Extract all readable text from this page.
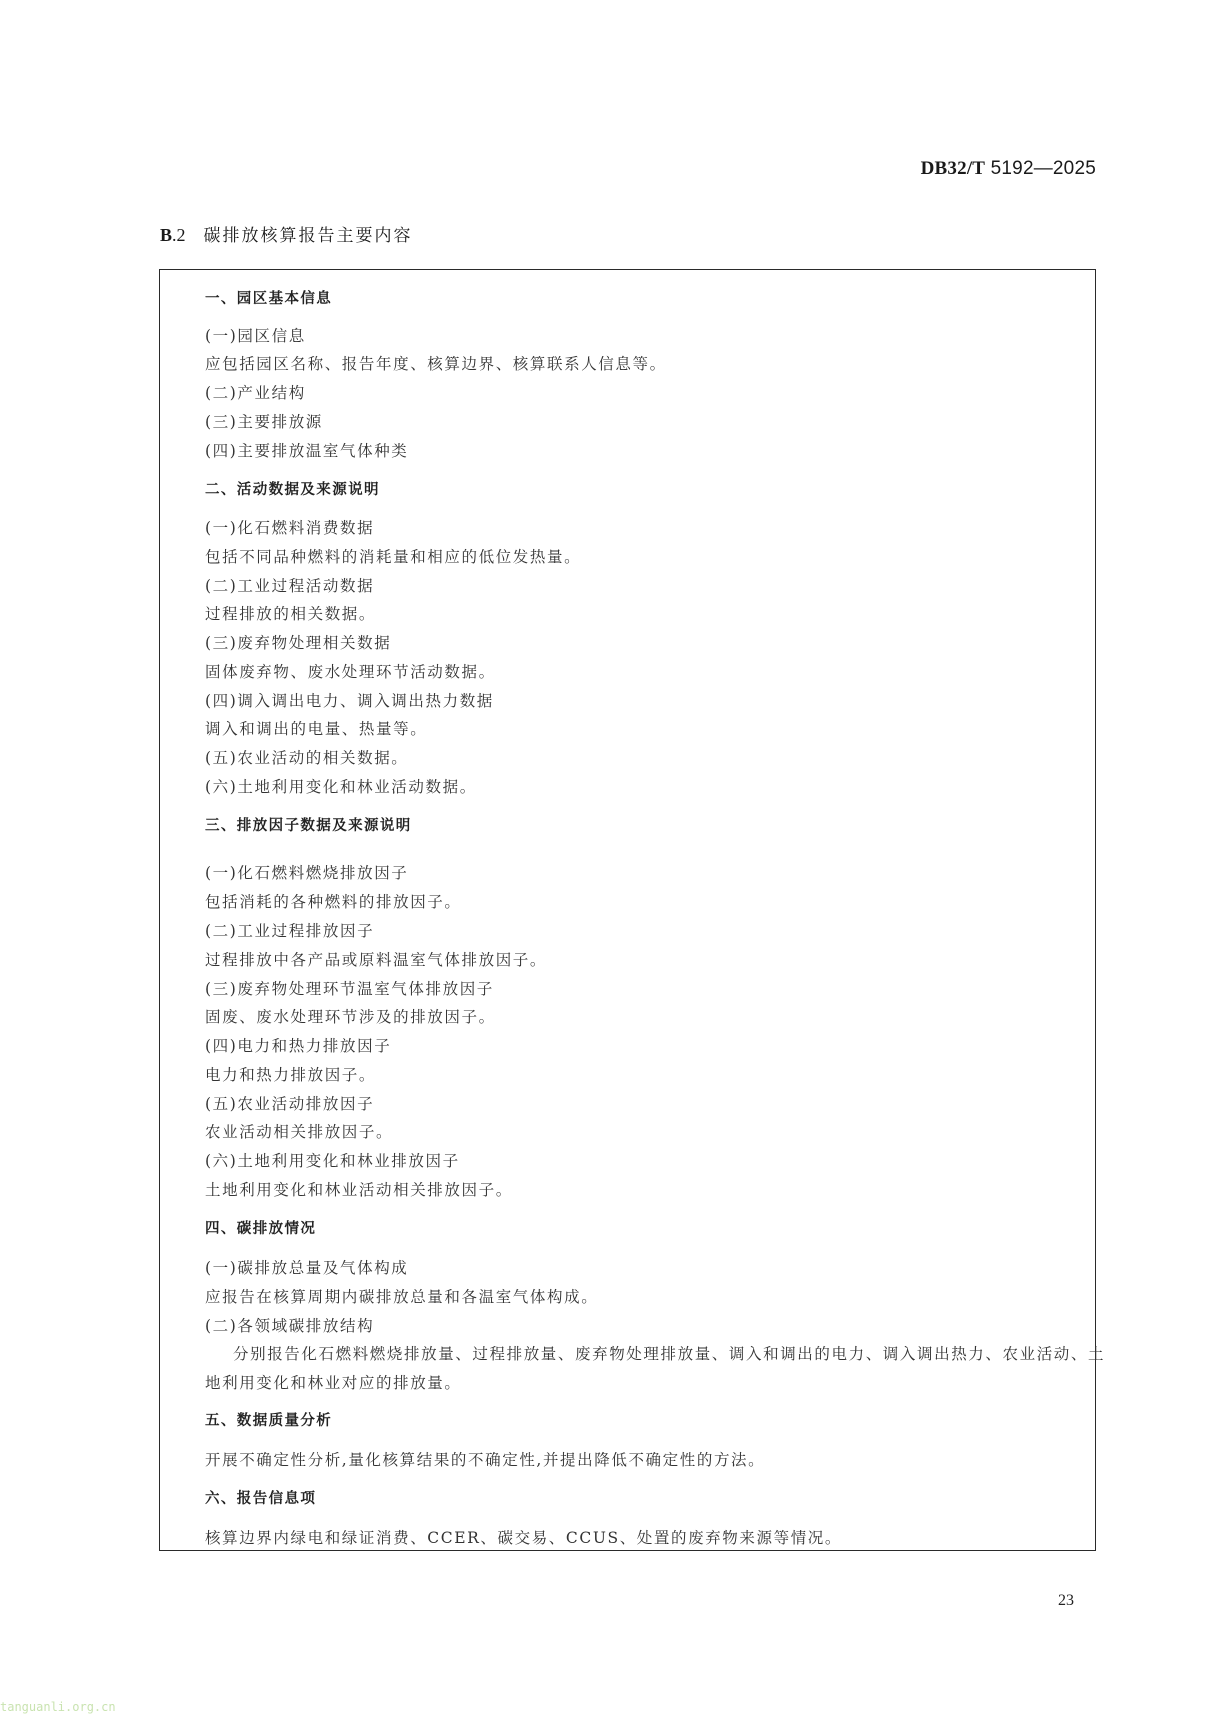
DB32/T 5192—2025
B.2 碳排放核算报告主要内容
一、园区基本信息
(一)园区信息
应包括园区名称、报告年度、核算边界、核算联系人信息等。
(二)产业结构
(三)主要排放源
(四)主要排放温室气体种类
二、活动数据及来源说明
(一)化石燃料消费数据
包括不同品种燃料的消耗量和相应的低位发热量。
(二)工业过程活动数据
过程排放的相关数据。
(三)废弃物处理相关数据
固体废弃物、废水处理环节活动数据。
(四)调入调出电力、调入调出热力数据
调入和调出的电量、热量等。
(五)农业活动的相关数据。
(六)土地利用变化和林业活动数据。
三、排放因子数据及来源说明
(一)化石燃料燃烧排放因子
包括消耗的各种燃料的排放因子。
(二)工业过程排放因子
过程排放中各产品或原料温室气体排放因子。
(三)废弃物处理环节温室气体排放因子
固废、废水处理环节涉及的排放因子。
(四)电力和热力排放因子
电力和热力排放因子。
(五)农业活动排放因子
农业活动相关排放因子。
(六)土地利用变化和林业排放因子
土地利用变化和林业活动相关排放因子。
四、碳排放情况
(一)碳排放总量及气体构成
应报告在核算周期内碳排放总量和各温室气体构成。
(二)各领域碳排放结构
分别报告化石燃料燃烧排放量、过程排放量、废弃物处理排放量、调入和调出的电力、调入调出热力、农业活动、土
地利用变化和林业对应的排放量。
五、数据质量分析
开展不确定性分析,量化核算结果的不确定性,并提出降低不确定性的方法。
六、报告信息项
核算边界内绿电和绿证消费、CCER、碳交易、CCUS、处置的废弃物来源等情况。
23
tanguanli.org.cn
